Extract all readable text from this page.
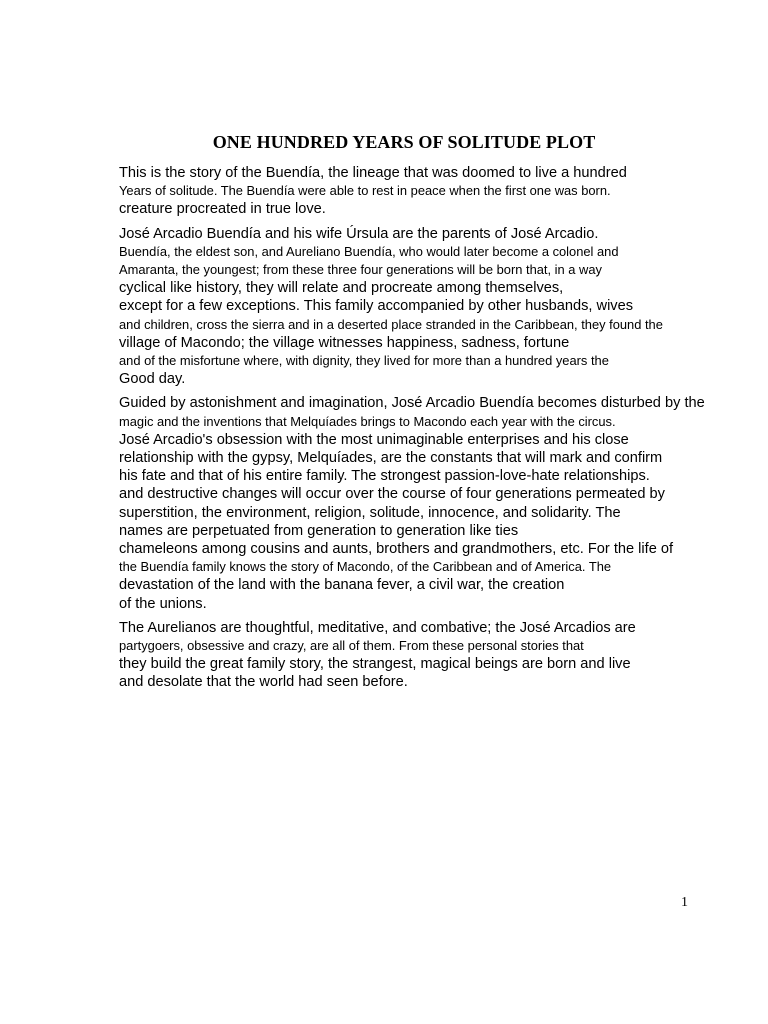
ONE HUNDRED YEARS OF SOLITUDE PLOT

This is the story of the Buendía, the lineage that was doomed to live a hundred
Years of solitude. The Buendía were able to rest in peace when the first one was born.
creature procreated in true love.

José Arcadio Buendía and his wife Úrsula are the parents of José Arcadio.
Buendía, the eldest son, and Aureliano Buendía, who would later become a colonel and
Amaranta, the youngest; from these three four generations will be born that, in a way
cyclical like history, they will relate and procreate among themselves,
except for a few exceptions. This family accompanied by other husbands, wives
and children, cross the sierra and in a deserted place stranded in the Caribbean, they found the
village of Macondo; the village witnesses happiness, sadness, fortune
and of the misfortune where, with dignity, they lived for more than a hundred years the
Good day.

Guided by astonishment and imagination, José Arcadio Buendía becomes disturbed by the
magic and the inventions that Melquíades brings to Macondo each year with the circus.
José Arcadio's obsession with the most unimaginable enterprises and his close
relationship with the gypsy, Melquíades, are the constants that will mark and confirm
his fate and that of his entire family. The strongest passion-love-hate relationships.
and destructive changes will occur over the course of four generations permeated by
superstition, the environment, religion, solitude, innocence, and solidarity. The
names are perpetuated from generation to generation like ties
chameleons among cousins and aunts, brothers and grandmothers, etc. For the life of
the Buendía family knows the story of Macondo, of the Caribbean and of America. The
devastation of the land with the banana fever, a civil war, the creation
of the unions.

The Aurelianos are thoughtful, meditative, and combative; the José Arcadios are
partygoers, obsessive and crazy, are all of them. From these personal stories that
they build the great family story, the strangest, magical beings are born and live
and desolate that the world had seen before.

1
